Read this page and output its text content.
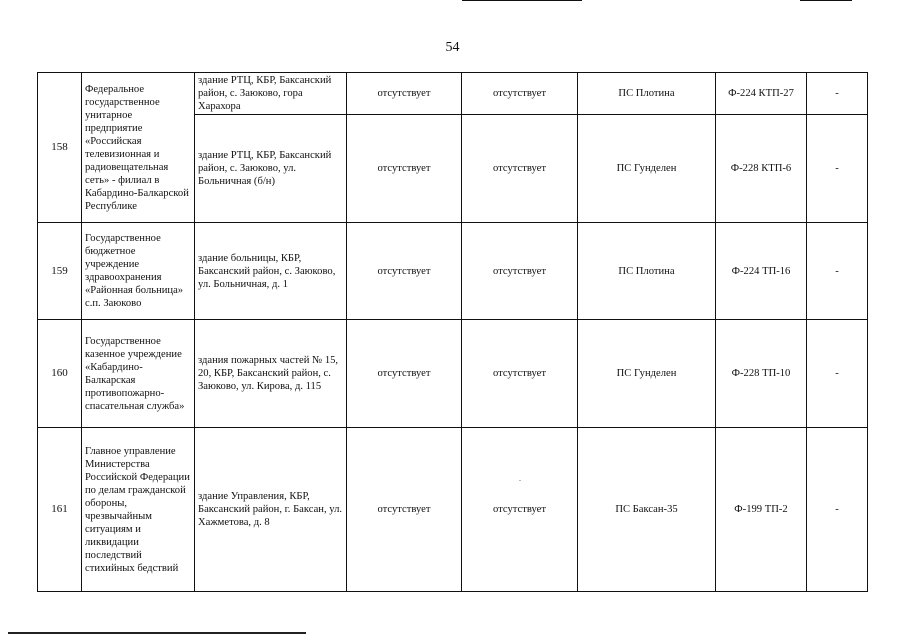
54
158	Федеральное государственное унитарное предприятие «Российская телевизионная и радиовещательная сеть» - филиал в Кабардино-Балкарской Республике	здание РТЦ, КБР, Баксанский район, с. Заюково, гора Харахора	отсутствует	отсутствует	ПС Плотина	Ф-224 КТП-27	-
		здание РТЦ, КБР, Баксанский район, с. Заюково, ул. Больничная (б/н)	отсутствует	отсутствует	ПС Гунделен	Ф-228 КТП-6	-
159	Государственное бюджетное учреждение здравоохранения «Районная больница» с.п. Заюково	здание больницы, КБР, Баксанский район, с. Заюково, ул. Больничная, д. 1	отсутствует	отсутствует	ПС Плотина	Ф-224 ТП-16	-
160	Государственное казенное учреждение «Кабардино-Балкарская противопожарно-спасательная служба»	здания пожарных частей № 15, 20, КБР, Баксанский район, с. Заюково, ул. Кирова, д. 115	отсутствует	отсутствует	ПС Гунделен	Ф-228 ТП-10	-
161	Главное управление Министерства Российской Федерации по делам гражданской обороны, чрезвычайным ситуациям и ликвидации последствий стихийных бедствий	здание Управления, КБР, Баксанский район, г. Баксан, ул. Хажметова, д. 8	отсутствует	отсутствует	ПС Баксан-35	Ф-199 ТП-2	-
